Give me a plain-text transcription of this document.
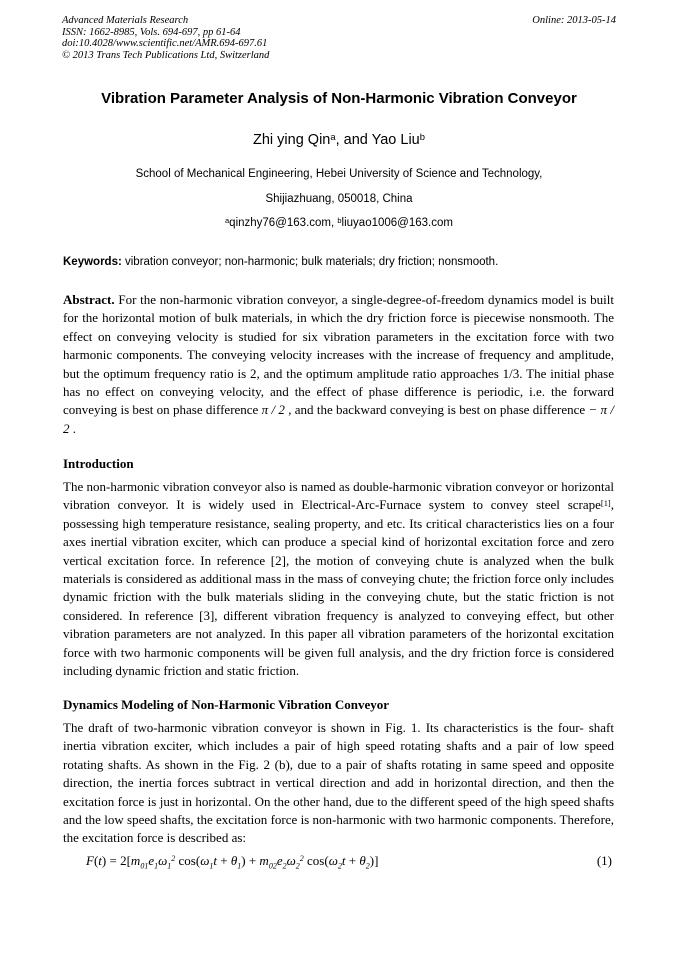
Advanced Materials Research
ISSN: 1662-8985, Vols. 694-697, pp 61-64
doi:10.4028/www.scientific.net/AMR.694-697.61
© 2013 Trans Tech Publications Ltd, Switzerland
Online: 2013-05-14
Vibration Parameter Analysis of Non-Harmonic Vibration Conveyor
Zhi ying Qin$^a$, and Yao Liu$^b$
School of Mechanical Engineering, Hebei University of Science and Technology,
Shijiazhuang, 050018, China
$^a$qinzhy76@163.com, $^b$liuyao1006@163.com
Keywords: vibration conveyor; non-harmonic; bulk materials; dry friction; nonsmooth.
Abstract. For the non-harmonic vibration conveyor, a single-degree-of-freedom dynamics model is built for the horizontal motion of bulk materials, in which the dry friction force is piecewise nonsmooth. The effect on conveying velocity is studied for six vibration parameters in the excitation force with two harmonic components. The conveying velocity increases with the increase of frequency and amplitude, but the optimum frequency ratio is 2, and the optimum amplitude ratio approaches 1/3. The initial phase has no effect on conveying velocity, and the effect of phase difference is periodic, i.e. the forward conveying is best on phase difference π / 2 , and the backward conveying is best on phase difference − π / 2 .
Introduction
The non-harmonic vibration conveyor also is named as double-harmonic vibration conveyor or horizontal vibration conveyor. It is widely used in Electrical-Arc-Furnace system to convey steel scrape[1], possessing high temperature resistance, sealing property, and etc. Its critical characteristics lies on a four axes inertial vibration exciter, which can produce a special kind of horizontal excitation force and zero vertical excitation force. In reference [2], the motion of conveying chute is analyzed when the bulk materials is considered as additional mass in the mass of conveying chute; the friction force only includes dynamic friction with the bulk materials sliding in the conveying chute, but the static friction is not considered. In reference [3], different vibration frequency is analyzed to conveying effect, but other vibration parameters are not analyzed. In this paper all vibration parameters of the horizontal excitation force with two harmonic components will be given full analysis, and the dry friction force is considered including dynamic friction and static friction.
Dynamics Modeling of Non-Harmonic Vibration Conveyor
The draft of two-harmonic vibration conveyor is shown in Fig. 1. Its characteristics is the four- shaft inertia vibration exciter, which includes a pair of high speed rotating shafts and a pair of low speed rotating shafts. As shown in the Fig. 2 (b), due to a pair of shafts rotating in same speed and opposite direction, the inertia forces subtract in vertical direction and add in horizontal direction, and then the excitation force is just in horizontal. On the other hand, due to the different speed of the high speed shafts and the low speed shafts, the excitation force is non-harmonic with two harmonic components. Therefore, the excitation force is described as:
$F(t) = 2[m_{01}e_1\omega_1^2$ $\cos(\omega_1t + \theta_1) + m_{02}e_2\omega_2^2$ $\cos(\omega_2t + \theta_2)$]	(1)
